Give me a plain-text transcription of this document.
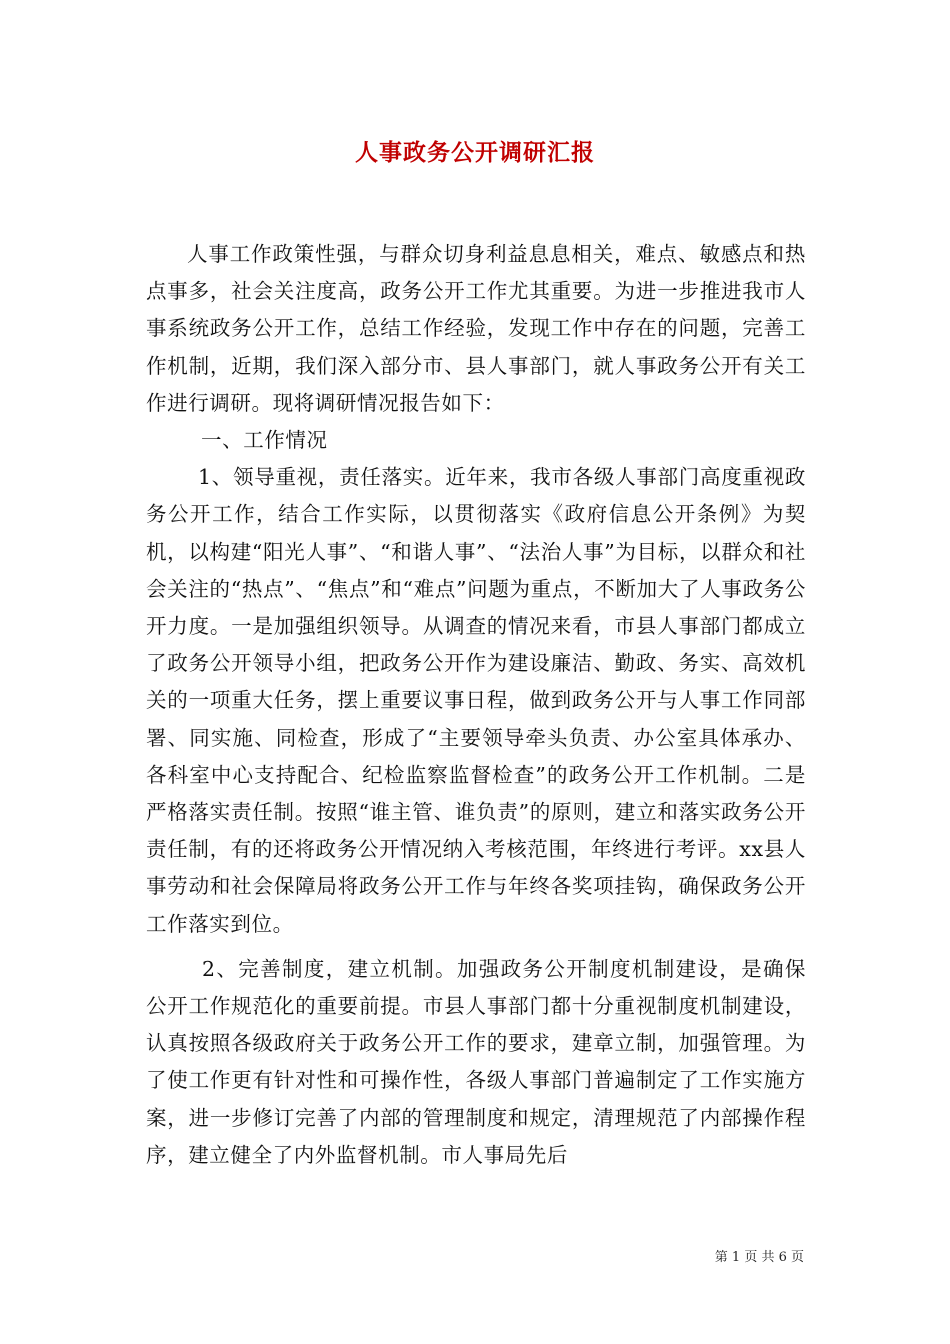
人事政务公开调研汇报

人事工作政策性强，与群众切身利益息息相关，难点、敏感点和热点事多，社会关注度高，政务公开工作尤其重要。为进一步推进我市人事系统政务公开工作，总结工作经验，发现工作中存在的问题，完善工作机制，近期，我们深入部分市、县人事部门，就人事政务公开有关工作进行调研。现将调研情况报告如下：

一、工作情况

1、领导重视，责任落实。近年来，我市各级人事部门高度重视政务公开工作，结合工作实际，以贯彻落实《政府信息公开条例》为契机，以构建“阳光人事”、“和谐人事”、“法治人事”为目标，以群众和社会关注的“热点”、“焦点”和“难点”问题为重点，不断加大了人事政务公开力度。一是加强组织领导。从调查的情况来看，市县人事部门都成立了政务公开领导小组，把政务公开作为建设廉洁、勤政、务实、高效机关的一项重大任务，摆上重要议事日程，做到政务公开与人事工作同部署、同实施、同检查，形成了“主要领导牵头负责、办公室具体承办、各科室中心支持配合、纪检监察监督检查”的政务公开工作机制。二是严格落实责任制。按照“谁主管、谁负责”的原则，建立和落实政务公开责任制，有的还将政务公开情况纳入考核范围，年终进行考评。xx县人事劳动和社会保障局将政务公开工作与年终各奖项挂钩，确保政务公开工作落实到位。

2、完善制度，建立机制。加强政务公开制度机制建设，是确保公开工作规范化的重要前提。市县人事部门都十分重视制度机制建设，认真按照各级政府关于政务公开工作的要求，建章立制，加强管理。为了使工作更有针对性和可操作性，各级人事部门普遍制定了工作实施方案，进一步修订完善了内部的管理制度和规定，清理规范了内部操作程序，建立健全了内外监督机制。市人事局先后

第 1 页 共 6 页
